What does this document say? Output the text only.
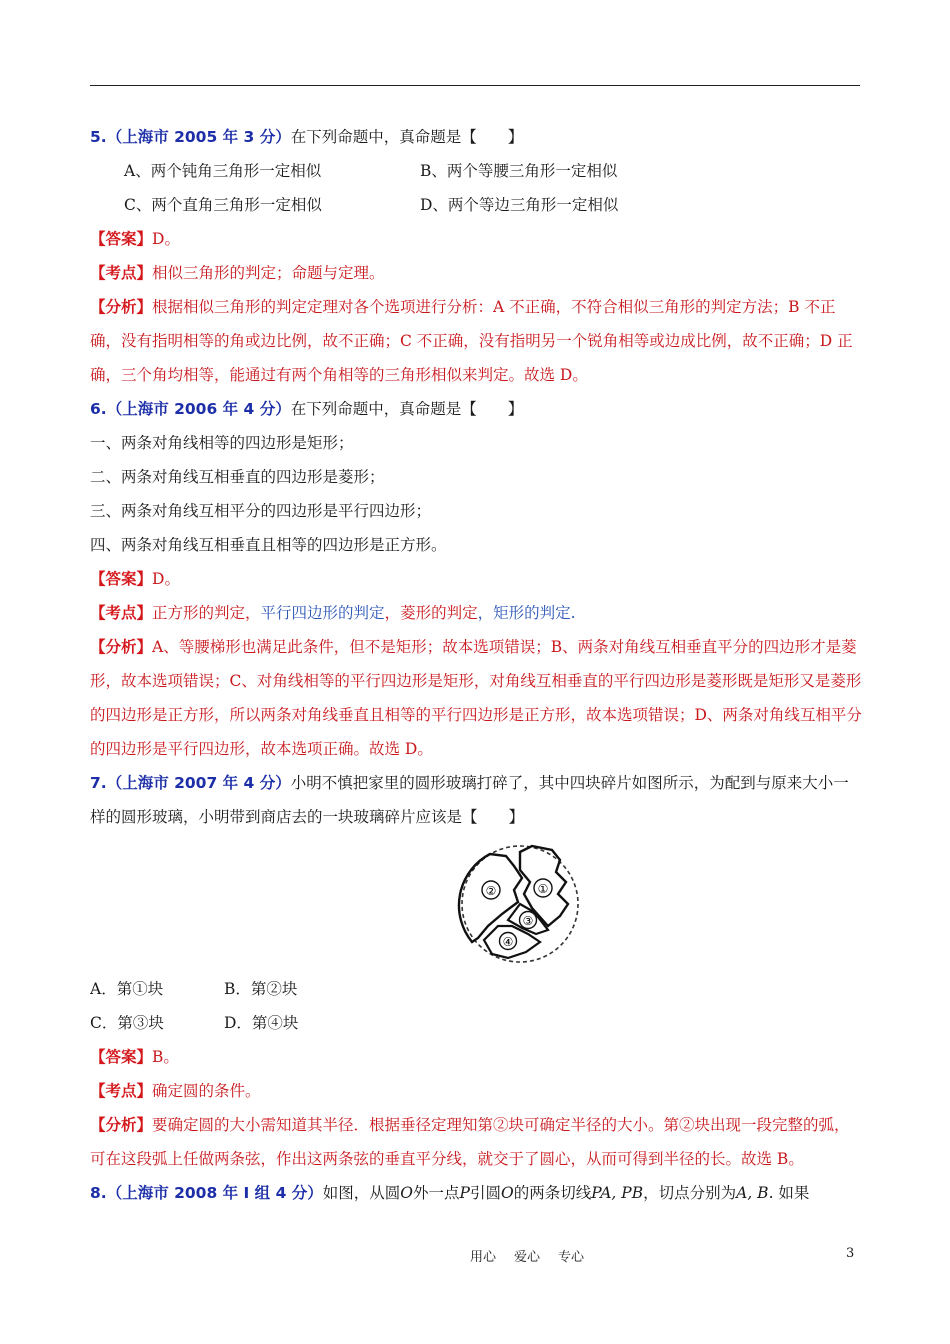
5.（上海市 2005 年 3 分）在下列命题中，真命题是【　　】
A、两个钝角三角形一定相似	B、两个等腰三角形一定相似
C、两个直角三角形一定相似	D、两个等边三角形一定相似
【答案】D。
【考点】相似三角形的判定；命题与定理。
【分析】根据相似三角形的判定定理对各个选项进行分析：A 不正确，不符合相似三角形的判定方法；B 不正确，没有指明相等的角或边比例，故不正确；C 不正确，没有指明另一个锐角相等或边成比例，故不正确；D 正确，三个角均相等，能通过有两个角相等的三角形相似来判定。故选 D。
6.（上海市 2006 年 4 分）在下列命题中，真命题是【　　】
一、两条对角线相等的四边形是矩形；
二、两条对角线互相垂直的四边形是菱形；
三、两条对角线互相平分的四边形是平行四边形；
四、两条对角线互相垂直且相等的四边形是正方形。
【答案】D。
【考点】正方形的判定，平行四边形的判定，菱形的判定，矩形的判定.
【分析】A、等腰梯形也满足此条件，但不是矩形；故本选项错误；B、两条对角线互相垂直平分的四边形才是菱形，故本选项错误；C、对角线相等的平行四边形是矩形，对角线互相垂直的平行四边形是菱形既是矩形又是菱形的四边形是正方形，所以两条对角线垂直且相等的平行四边形是正方形，故本选项错误；D、两条对角线互相平分的四边形是平行四边形，故本选项正确。故选 D。
7.（上海市 2007 年 4 分）小明不慎把家里的圆形玻璃打碎了，其中四块碎片如图所示，为配到与原来大小一样的圆形玻璃，小明带到商店去的一块玻璃碎片应该是【　　】
②	①
③
④
A．第①块	B．第②块
C．第③块	D．第④块
【答案】B。
【考点】确定圆的条件。
【分析】要确定圆的大小需知道其半径．根据垂径定理知第②块可确定半径的大小。第②块出现一段完整的弧，可在这段弧上任做两条弦，作出这两条弦的垂直平分线，就交于了圆心，从而可得到半径的长。故选 B。
8.（上海市 2008 年 I 组 4 分）如图，从圆O外一点P引圆O的两条切线PA, PB，切点分别为A, B. 如果
用心 爱心 专心	3
